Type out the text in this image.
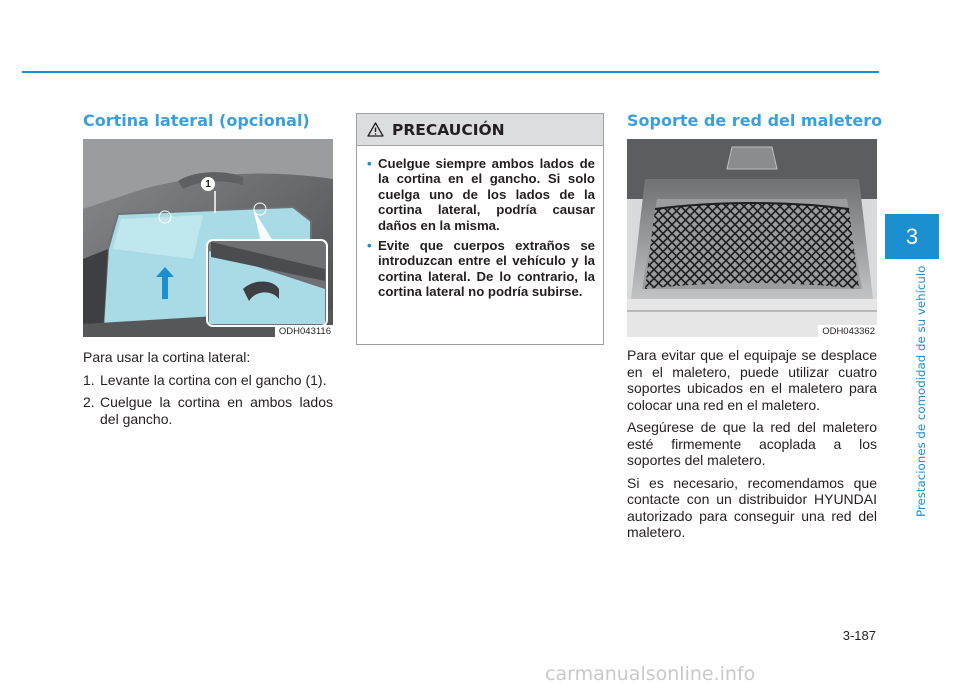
Cortina lateral (opcional)
1
ODH043116

Para usar la cortina lateral:

1. Levante la cortina con el gancho (1).
2. Cuelgue la cortina en ambos lados del gancho.
PRECAUCIÓN
• Cuelgue siempre ambos lados de la cortina en el gancho. Si solo cuelga uno de los lados de la cortina lateral, podría causar daños en la misma.
• Evite que cuerpos extraños se introduzcan entre el vehículo y la cortina lateral. De lo contrario, la cortina lateral no podría subirse.
Soporte de red del maletero
ODH043362

Para evitar que el equipaje se desplace en el maletero, puede utilizar cuatro soportes ubicados en el maletero para colocar una red en el maletero.

Asegúrese de que la red del maletero esté firmemente acoplada a los soportes del maletero.

Si es necesario, recomendamos que contacte con un distribuidor HYUNDAI autorizado para conseguir una red del maletero.

3
Prestaciones de comodidad de su vehículo
3-187
carmanualsonline.info
